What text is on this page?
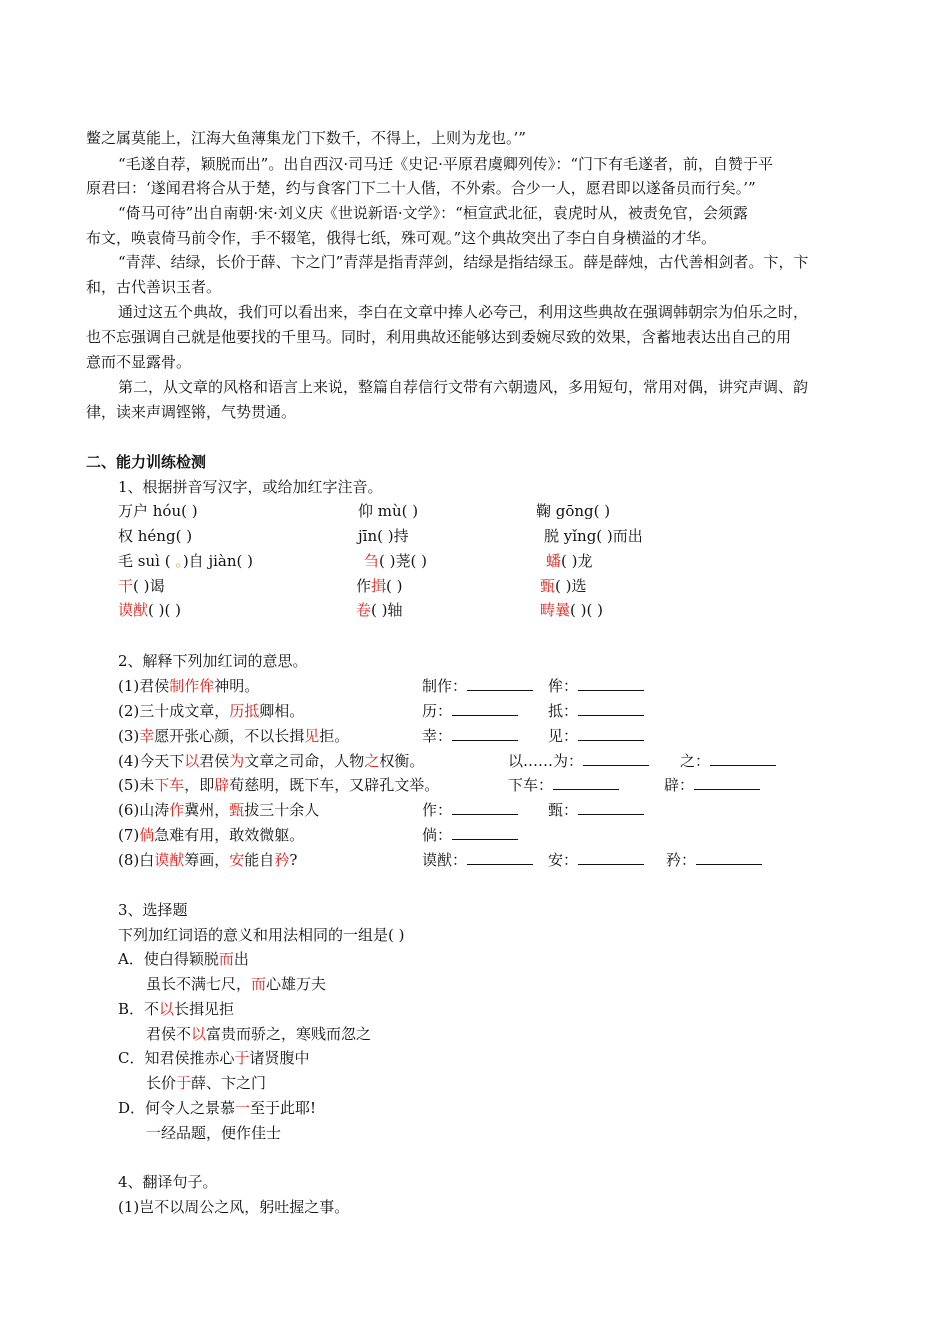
鳖之属莫能上，江海大鱼薄集龙门下数千，不得上，上则为龙也。’”
“毛遂自荐，颖脱而出”。出自西汉·司马迁《史记·平原君虞卿列传》：“门下有毛遂者，前，自赞于平
原君曰：‘遂闻君将合从于楚，约与食客门下二十人偕，不外索。合少一人，愿君即以遂备员而行矣。’”
“倚马可待”出自南朝·宋·刘义庆《世说新语·文学》：“桓宣武北征，袁虎时从，被责免官，会须露
布文，唤袁倚马前令作，手不辍笔，俄得七纸，殊可观。”这个典故突出了李白自身横溢的才华。
“青萍、结绿，长价于薛、卞之门”青萍是指青萍剑，结绿是指结绿玉。薛是薛烛，古代善相剑者。卞，卞
和，古代善识玉者。
通过这五个典故，我们可以看出来，李白在文章中捧人必夸己，利用这些典故在强调韩朝宗为伯乐之时，
也不忘强调自己就是他要找的千里马。同时，利用典故还能够达到委婉尽致的效果，含蓄地表达出自己的用
意而不显露骨。
第二，从文章的风格和语言上来说，整篇自荐信行文带有六朝遗风，多用短句，常用对偶，讲究声调、韵
律，读来声调铿锵，气势贯通。
二、能力训练检测
1、根据拼音写汉字，或给加红字注音。
万户 hóu( )	仰 mù( )	鞠 gōng( )
权 héng( )	jīn( )持	脱 yǐng( )而出
毛 suì ( 。)自 jiàn( )	刍( )荛( )	蟠( )龙
干( )谒	作揖( )	甄( )选
谟猷( )( )	卷( )轴	畴曩( )( )
2、解释下列加红词的意思。
(1)君侯制作侔神明。	制作：	侔：
(2)三十成文章，历抵卿相。	历：	抵：
(3)幸愿开张心颜，不以长揖见拒。	幸：	见：
(4)今天下以君侯为文章之司命，人物之权衡。	以……为：	之：
(5)未下车，即辟荀慈明，既下车，又辟孔文举。	下车：	辟：
(6)山涛作冀州，甄拔三十余人	作：	甄：
(7)倘急难有用，敢效微躯。	倘：
(8)白谟猷筹画，安能自矜?	谟猷：	安：	矜：
3、选择题
下列加红词语的意义和用法相同的一组是( )
A．使白得颖脱而出
虽长不满七尺，而心雄万夫
B．不以长揖见拒
君侯不以富贵而骄之，寒贱而忽之
C．知君侯推赤心于诸贤腹中
长价于薛、卞之门
D．何令人之景慕一至于此耶!
一经品题，便作佳士
4、翻译句子。
(1)岂不以周公之风，躬吐握之事。
